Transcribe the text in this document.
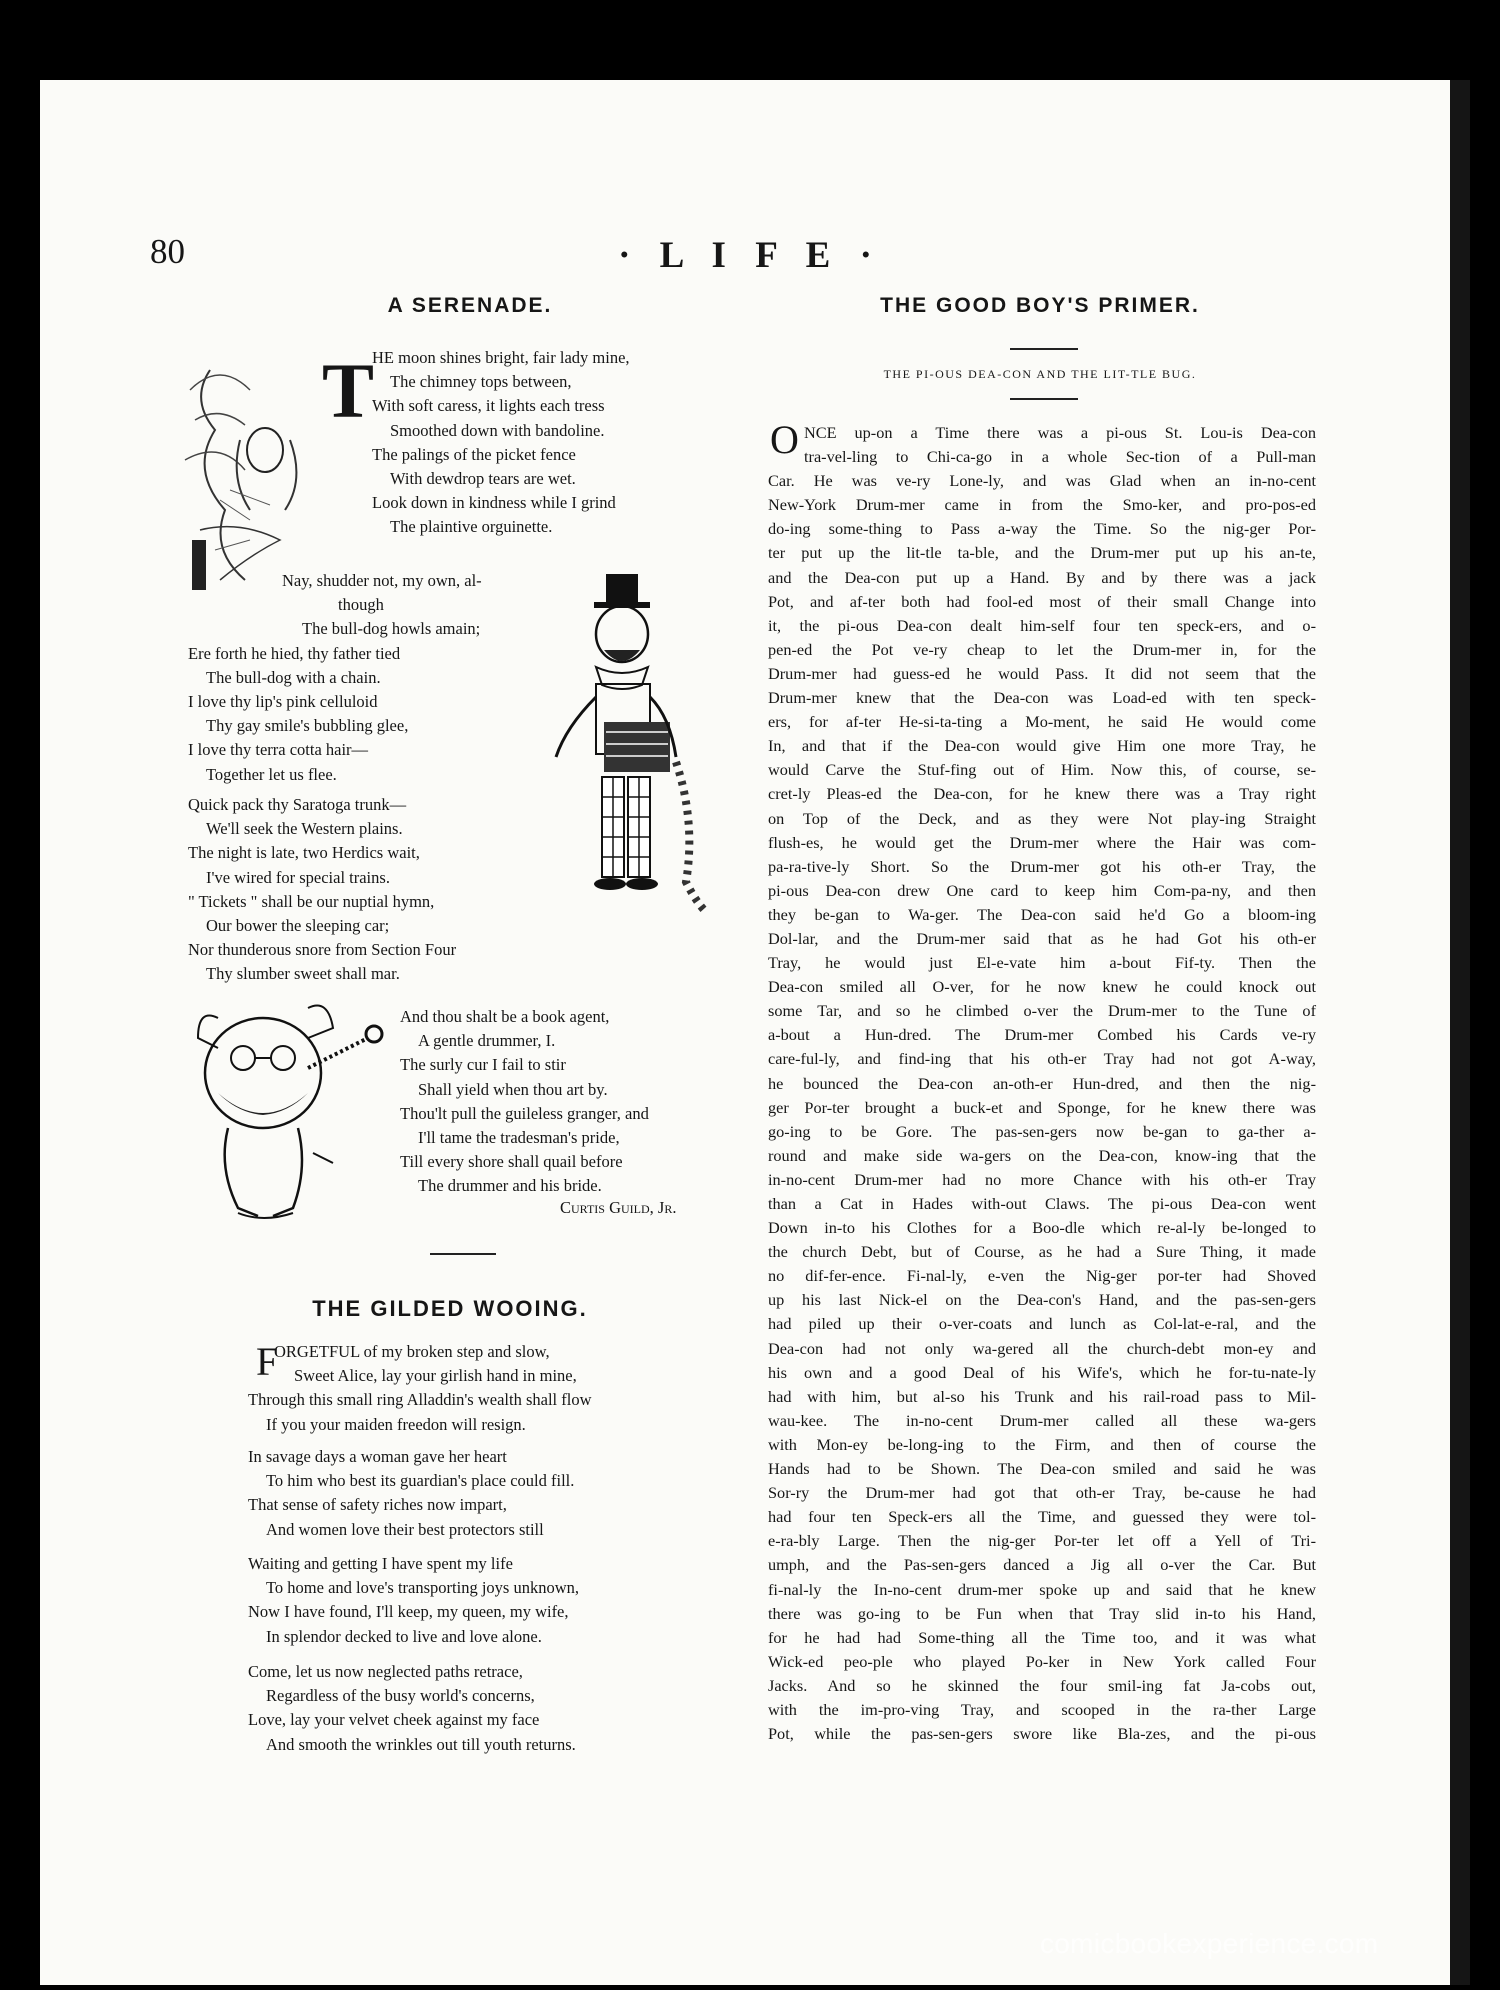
80	· L I F E ·
A SERENADE.
T

HE moon shines bright, fair lady mine,

The chimney tops between,

With soft caress, it lights each tress

Smoothed down with bandoline.

The palings of the picket fence

With dewdrop tears are wet.

Look down in kindness while I grind

The plaintive orguinette.

Nay, shudder not, my own, al-

though

The bull-dog howls amain;

Ere forth he hied, thy father tied

The bull-dog with a chain.

I love thy lip's pink celluloid

Thy gay smile's bubbling glee,

I love thy terra cotta hair—

Together let us flee.

Quick pack thy Saratoga trunk—

We'll seek the Western plains.

The night is late, two Herdics wait,

I've wired for special trains.

" Tickets " shall be our nuptial hymn,

Our bower the sleeping car;

Nor thunderous snore from Section Four

Thy slumber sweet shall mar.

And thou shalt be a book agent,

A gentle drummer, I.

The surly cur I fail to stir

Shall yield when thou art by.

Thou'lt pull the guileless granger, and

I'll tame the tradesman's pride,

Till every shore shall quail before

The drummer and his bride.

Curtis Guild, Jr.
THE GILDED WOOING.
F

ORGETFUL of my broken step and slow,

Sweet Alice, lay your girlish hand in mine,

Through this small ring Alladdin's wealth shall flow

If you your maiden freedon will resign.

In savage days a woman gave her heart

To him who best its guardian's place could fill.

That sense of safety riches now impart,

And women love their best protectors still

Waiting and getting I have spent my life

To home and love's transporting joys unknown,

Now I have found, I'll keep, my queen, my wife,

In splendor decked to live and love alone.

Come, let us now neglected paths retrace,

Regardless of the busy world's concerns,

Love, lay your velvet cheek against my face

And smooth the wrinkles out till youth returns.

THE GOOD BOY'S PRIMER.
THE PI-OUS DEA-CON AND THE LIT-TLE BUG.
O NCE up-on a Time there was a pi-ous St. Lou-is Dea-con

tra-vel-ling to Chi-ca-go in a whole Sec-tion of a Pull-man

Car. He was ve-ry Lone-ly, and was Glad when an in-no-cent

New-York Drum-mer came in from the Smo-ker, and pro-pos-ed

do-ing some-thing to Pass a-way the Time. So the nig-ger Por-

ter put up the lit-tle ta-ble, and the Drum-mer put up his an-te,

and the Dea-con put up a Hand. By and by there was a jack

Pot, and af-ter both had fool-ed most of their small Change into

it, the pi-ous Dea-con dealt him-self four ten speck-ers, and o-

pen-ed the Pot ve-ry cheap to let the Drum-mer in, for the

Drum-mer had guess-ed he would Pass. It did not seem that the

Drum-mer knew that the Dea-con was Load-ed with ten speck-

ers, for af-ter He-si-ta-ting a Mo-ment, he said He would come

In, and that if the Dea-con would give Him one more Tray, he

would Carve the Stuf-fing out of Him. Now this, of course, se-

cret-ly Pleas-ed the Dea-con, for he knew there was a Tray right

on Top of the Deck, and as they were Not play-ing Straight

flush-es, he would get the Drum-mer where the Hair was com-

pa-ra-tive-ly Short. So the Drum-mer got his oth-er Tray, the

pi-ous Dea-con drew One card to keep him Com-pa-ny, and then

they be-gan to Wa-ger. The Dea-con said he'd Go a bloom-ing

Dol-lar, and the Drum-mer said that as he had Got his oth-er

Tray, he would just El-e-vate him a-bout Fif-ty. Then the

Dea-con smiled all O-ver, for he now knew he could knock out

some Tar, and so he climbed o-ver the Drum-mer to the Tune of

a-bout a Hun-dred. The Drum-mer Combed his Cards ve-ry

care-ful-ly, and find-ing that his oth-er Tray had not got A-way,

he bounced the Dea-con an-oth-er Hun-dred, and then the nig-

ger Por-ter brought a buck-et and Sponge, for he knew there was

go-ing to be Gore. The pas-sen-gers now be-gan to ga-ther a-

round and make side wa-gers on the Dea-con, know-ing that the

in-no-cent Drum-mer had no more Chance with his oth-er Tray

than a Cat in Hades with-out Claws. The pi-ous Dea-con went

Down in-to his Clothes for a Boo-dle which re-al-ly be-longed to

the church Debt, but of Course, as he had a Sure Thing, it made

no dif-fer-ence. Fi-nal-ly, e-ven the Nig-ger por-ter had Shoved

up his last Nick-el on the Dea-con's Hand, and the pas-sen-gers

had piled up their o-ver-coats and lunch as Col-lat-e-ral, and the

Dea-con had not only wa-gered all the church-debt mon-ey and

his own and a good Deal of his Wife's, which he for-tu-nate-ly

had with him, but al-so his Trunk and his rail-road pass to Mil-

wau-kee. The in-no-cent Drum-mer called all these wa-gers

with Mon-ey be-long-ing to the Firm, and then of course the

Hands had to be Shown. The Dea-con smiled and said he was

Sor-ry the Drum-mer had got that oth-er Tray, be-cause he had

had four ten Speck-ers all the Time, and guessed they were tol-

e-ra-bly Large. Then the nig-ger Por-ter let off a Yell of Tri-

umph, and the Pas-sen-gers danced a Jig all o-ver the Car. But

fi-nal-ly the In-no-cent drum-mer spoke up and said that he knew

there was go-ing to be Fun when that Tray slid in-to his Hand,

for he had had Some-thing all the Time too, and it was what

Wick-ed peo-ple who played Po-ker in New York called Four

Jacks. And so he skinned the four smil-ing fat Ja-cobs out,

with the im-pro-ving Tray, and scooped in the ra-ther Large

Pot, while the pas-sen-gers swore like Bla-zes, and the pi-ous

comicbookexperience.com
